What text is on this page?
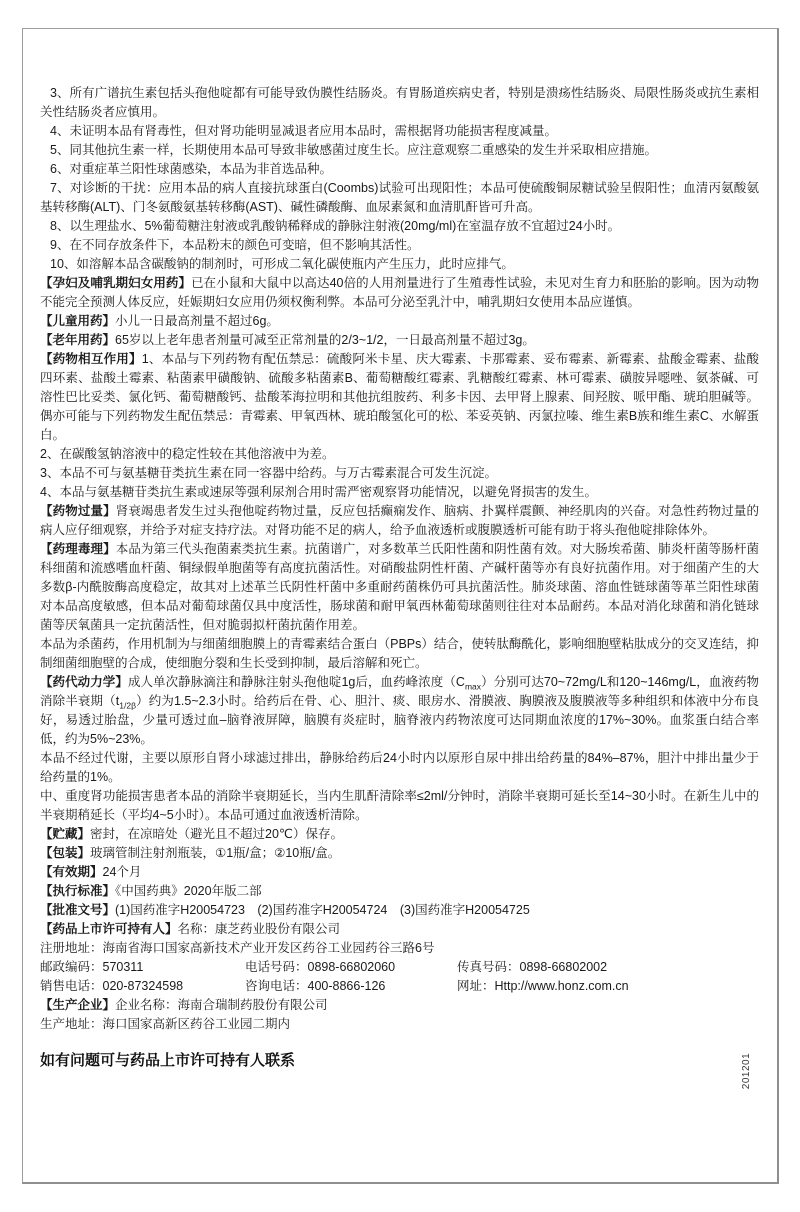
3、所有广谱抗生素包括头孢他啶都有可能导致伪膜性结肠炎。有胃肠道疾病史者，特别是溃疡性结肠炎、局限性肠炎或抗生素相关性结肠炎者应慎用。
4、未证明本品有肾毒性，但对肾功能明显减退者应用本品时，需根据肾功能损害程度减量。
5、同其他抗生素一样，长期使用本品可导致非敏感菌过度生长。应注意观察二重感染的发生并采取相应措施。
6、对重症革兰阳性球菌感染，本品为非首选品种。
7、对诊断的干扰：应用本品的病人直接抗球蛋白(Coombs)试验可出现阳性；本品可使硫酸铜尿糖试验呈假阳性；血清丙氨酸氨基转移酶(ALT)、门冬氨酸氨基转移酶(AST)、碱性磷酸酶、血尿素氮和血清肌酐皆可升高。
8、以生理盐水、5%葡萄糖注射液或乳酸钠稀释成的静脉注射液(20mg/ml)在室温存放不宜超过24小时。
9、在不同存放条件下，本品粉末的颜色可变暗，但不影响其活性。
10、如溶解本品含碳酸钠的制剂时，可形成二氧化碳使瓶内产生压力，此时应排气。
【孕妇及哺乳期妇女用药】已在小鼠和大鼠中以高达40倍的人用剂量进行了生殖毒性试验，未见对生育力和胚胎的影响。因为动物不能完全预测人体反应，妊娠期妇女应用仍须权衡利弊。本品可分泌至乳汁中，哺乳期妇女使用本品应谨慎。
【儿童用药】小儿一日最高剂量不超过6g。
【老年用药】65岁以上老年患者剂量可减至正常剂量的2/3~1/2，一日最高剂量不超过3g。
【药物相互作用】1、本品与下列药物有配伍禁忌：硫酸阿米卡星、庆大霉素、卡那霉素、妥布霉素、新霉素、盐酸金霉素、盐酸四环素、盐酸土霉素、粘菌素甲磺酸钠、硫酸多粘菌素B、葡萄糖酸红霉素、乳糖酸红霉素、林可霉素、磺胺异噁唑、氨茶碱、可溶性巴比妥类、氯化钙、葡萄糖酸钙、盐酸苯海拉明和其他抗组胺药、利多卡因、去甲肾上腺素、间羟胺、哌甲酯、琥珀胆碱等。偶亦可能与下列药物发生配伍禁忌：青霉素、甲氧西林、琥珀酸氢化可的松、苯妥英钠、丙氯拉嗪、维生素B族和维生素C、水解蛋白。
2、在碳酸氢钠溶液中的稳定性较在其他溶液中为差。
3、本品不可与氨基糖苷类抗生素在同一容器中给药。与万古霉素混合可发生沉淀。
4、本品与氨基糖苷类抗生素或速尿等强利尿剂合用时需严密观察肾功能情况，以避免肾损害的发生。
【药物过量】肾衰竭患者发生过头孢他啶药物过量，反应包括癫痫发作、脑病、扑翼样震颤、神经肌肉的兴奋。对急性药物过量的病人应仔细观察，并给予对症支持疗法。对肾功能不足的病人，给予血液透析或腹膜透析可能有助于将头孢他啶排除体外。
【药理毒理】本品为第三代头孢菌素类抗生素。抗菌谱广，对多数革兰氏阳性菌和阴性菌有效。对大肠埃希菌、肺炎杆菌等肠杆菌科细菌和流感嗜血杆菌、铜绿假单胞菌等有高度抗菌活性。对硝酸盐阴性杆菌、产碱杆菌等亦有良好抗菌作用。对于细菌产生的大多数β-内酰胺酶高度稳定，故其对上述革兰氏阴性杆菌中多重耐药菌株仍可具抗菌活性。肺炎球菌、溶血性链球菌等革兰阳性球菌对本品高度敏感，但本品对葡萄球菌仅具中度活性，肠球菌和耐甲氧西林葡萄球菌则往往对本品耐药。本品对消化球菌和消化链球菌等厌氧菌具一定抗菌活性，但对脆弱拟杆菌抗菌作用差。
本品为杀菌药，作用机制为与细菌细胞膜上的青霉素结合蛋白（PBPs）结合，使转肽酶酰化，影响细胞壁粘肽成分的交叉连结，抑制细菌细胞壁的合成，使细胞分裂和生长受到抑制，最后溶解和死亡。
【药代动力学】成人单次静脉滴注和静脉注射头孢他啶1g后，血药峰浓度$(C_{max})$分别可达70~72mg/L和120~146mg/L，血液药物消除半衰期$(t_{1/2\beta})$约为1.5~2.3小时。给药后在骨、心、胆汁、痰、眼房水、滑膜液、胸膜液及腹膜液等多种组织和体液中分布良好，易透过胎盘，少量可透过血–脑脊液屏障，脑膜有炎症时，脑脊液内药物浓度可达同期血浓度的17%~30%。血浆蛋白结合率低，约为5%~23%。
本品不经过代谢，主要以原形自肾小球滤过排出，静脉给药后24小时内以原形自尿中排出给药量的84%–87%，胆汁中排出量少于给药量的1%。
中、重度肾功能损害患者本品的消除半衰期延长，当内生肌酐清除率≤2ml/分钟时，消除半衰期可延长至14~30小时。在新生儿中的半衰期稍延长（平均4~5小时）。本品可通过血液透析清除。
【贮藏】密封，在凉暗处（避光且不超过20℃）保存。
【包装】玻璃管制注射剂瓶装，①1瓶/盒；②10瓶/盒。
【有效期】24个月
【执行标准】《中国药典》2020年版二部
【批准文号】(1)国药准字H20054723　(2)国药准字H20054724　(3)国药准字H20054725
【药品上市许可持有人】名称：康芝药业股份有限公司
注册地址：海南省海口国家高新技术产业开发区药谷工业园药谷三路6号
邮政编码：570311	电话号码：0898-66802060	传真号码：0898-66802002
销售电话：020-87324598	咨询电话：400-8866-126	网址：Http://www.honz.com.cn
【生产企业】企业名称：海南合瑞制药股份有限公司
生产地址：海口国家高新区药谷工业园二期内
如有问题可与药品上市许可持有人联系	201201
